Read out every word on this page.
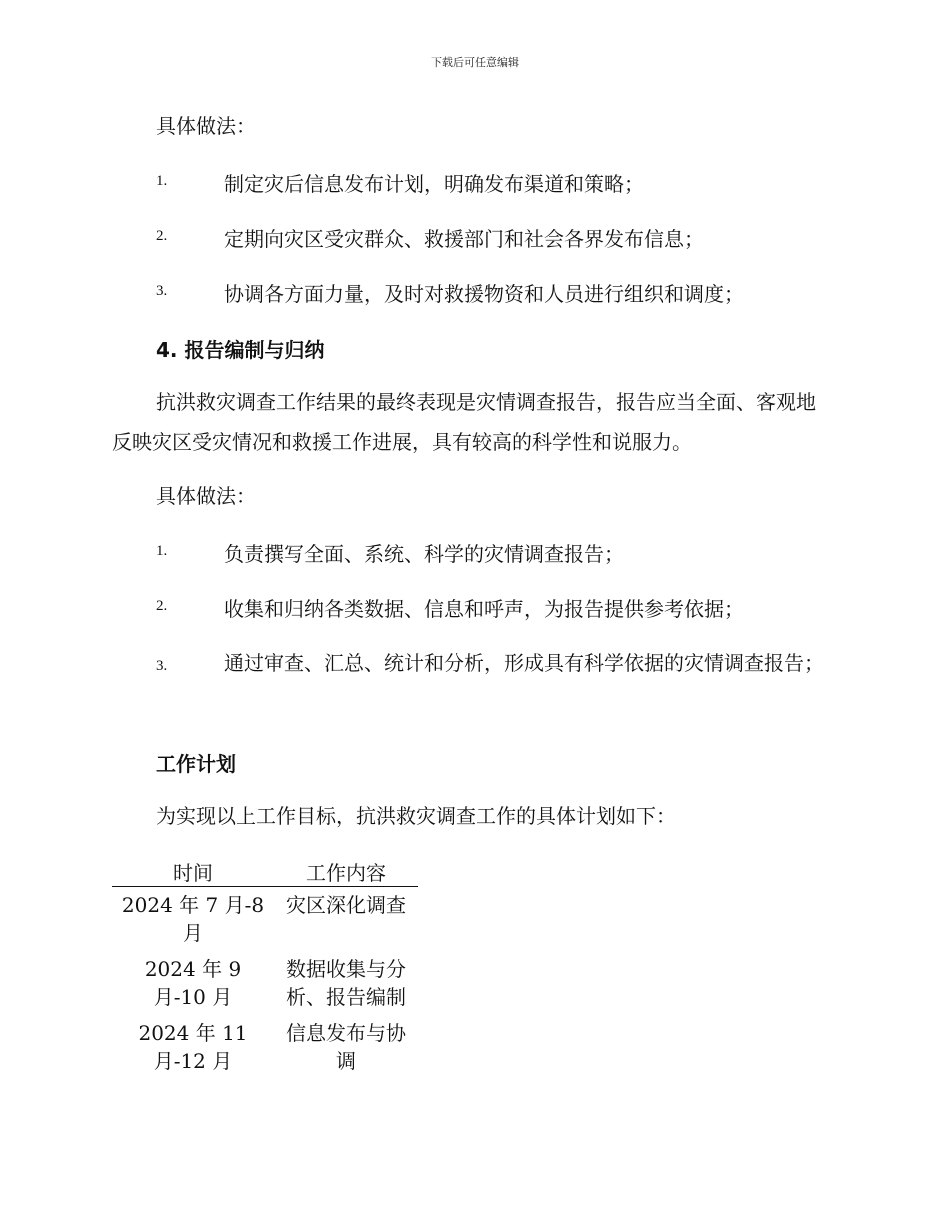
下载后可任意编辑
具体做法：
1.	制定灾后信息发布计划，明确发布渠道和策略；
2.	定期向灾区受灾群众、救援部门和社会各界发布信息；
3.	协调各方面力量，及时对救援物资和人员进行组织和调度；
4. 报告编制与归纳
抗洪救灾调查工作结果的最终表现是灾情调查报告，报告应当全面、客观地反映灾区受灾情况和救援工作进展，具有较高的科学性和说服力。
具体做法：
1.	负责撰写全面、系统、科学的灾情调查报告；
2.	收集和归纳各类数据、信息和呼声，为报告提供参考依据；
3.	通过审查、汇总、统计和分析，形成具有科学依据的灾情调查报告；
工作计划
为实现以上工作目标，抗洪救灾调查工作的具体计划如下：
时间	工作内容
2024 年 7 月-8 月	灾区深化调查
2024 年 9 月-10 月	数据收集与分析、报告编制
2024 年 11 月-12 月	信息发布与协调
